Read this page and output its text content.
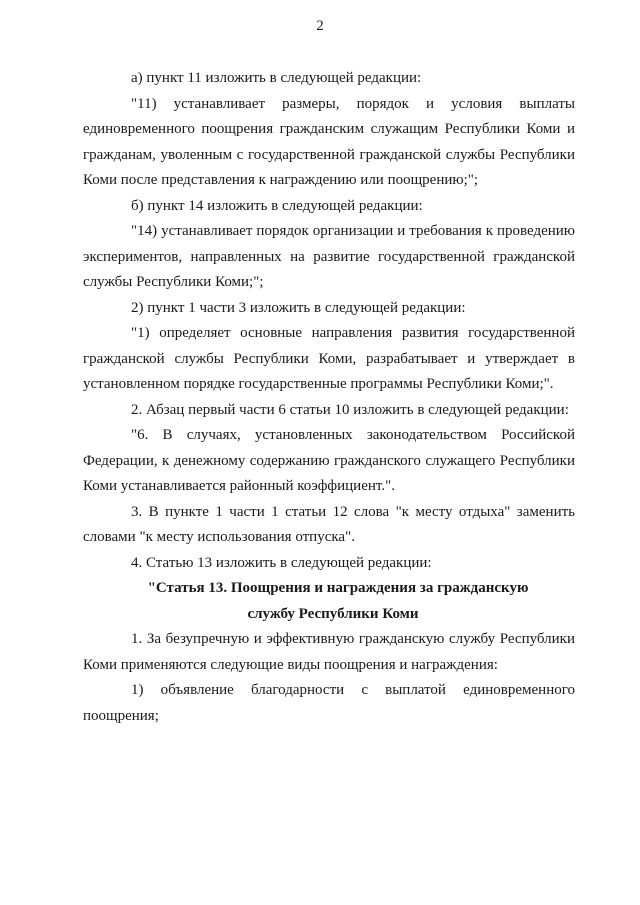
2

а) пункт 11 изложить в следующей редакции:

"11) устанавливает размеры, порядок и условия выплаты единовременного поощрения гражданским служащим Республики Коми и гражданам, уволенным с государственной гражданской службы Республики Коми после представления к награждению или поощрению;";

б) пункт 14 изложить в следующей редакции:

"14) устанавливает порядок организации и требования к проведению экспериментов, направленных на развитие государственной гражданской службы Республики Коми;";

2) пункт 1 части 3 изложить в следующей редакции:

"1) определяет основные направления развития государственной гражданской службы Республики Коми, разрабатывает и утверждает в установленном порядке государственные программы Республики Коми;".

2. Абзац первый части 6 статьи 10 изложить в следующей редакции:

"6. В случаях, установленных законодательством Российской Федерации, к денежному содержанию гражданского служащего Республики Коми устанавливается районный коэффициент.".

3. В пункте 1 части 1 статьи 12 слова "к месту отдыха" заменить словами "к месту использования отпуска".

4. Статью 13 изложить в следующей редакции:

"Статья 13. Поощрения и награждения за гражданскую
службу Республики Коми

1. За безупречную и эффективную гражданскую службу Республики Коми применяются следующие виды поощрения и награждения:

1) объявление благодарности с выплатой единовременного поощрения;
